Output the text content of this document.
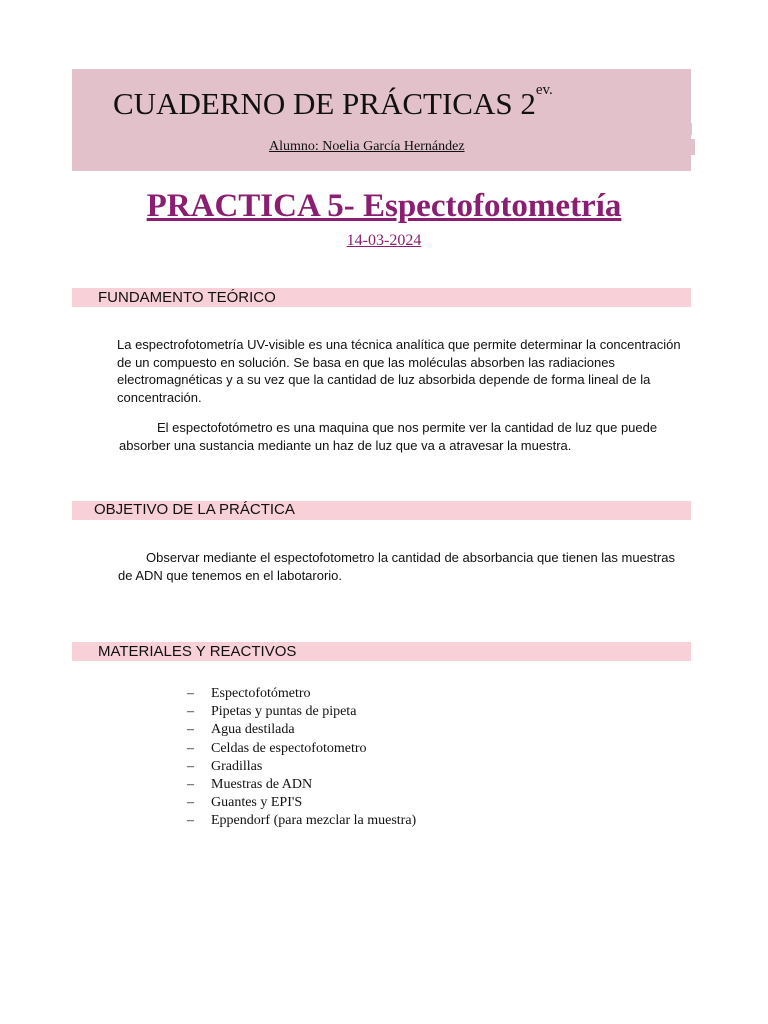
CUADERNO DE PRÁCTICAS $2^{ev.}$
Alumno: Noelia García Hernández
PRACTICA 5- Espectofotometría
14-03-2024
FUNDAMENTO TEÓRICO

La espectrofotometría UV-visible es una técnica analítica que permite determinar la concentración de un compuesto en solución. Se basa en que las moléculas absorben las radiaciones electromagnéticas y a su vez que la cantidad de luz absorbida depende de forma lineal de la concentración.

El espectofotómetro es una maquina que nos permite ver la cantidad de luz que puede absorber una sustancia mediante un haz de luz que va a atravesar la muestra.

OBJETIVO DE LA PRÁCTICA

Observar mediante el espectofotometro la cantidad de absorbancia que tienen las muestras de ADN que tenemos en el labotarorio.

MATERIALES Y REACTIVOS
–	Espectofotómetro
–	Pipetas y puntas de pipeta
–	Agua destilada
–	Celdas de espectofotometro
–	Gradillas
–	Muestras de ADN
–	Guantes y EPI'S
–	Eppendorf (para mezclar la muestra)
